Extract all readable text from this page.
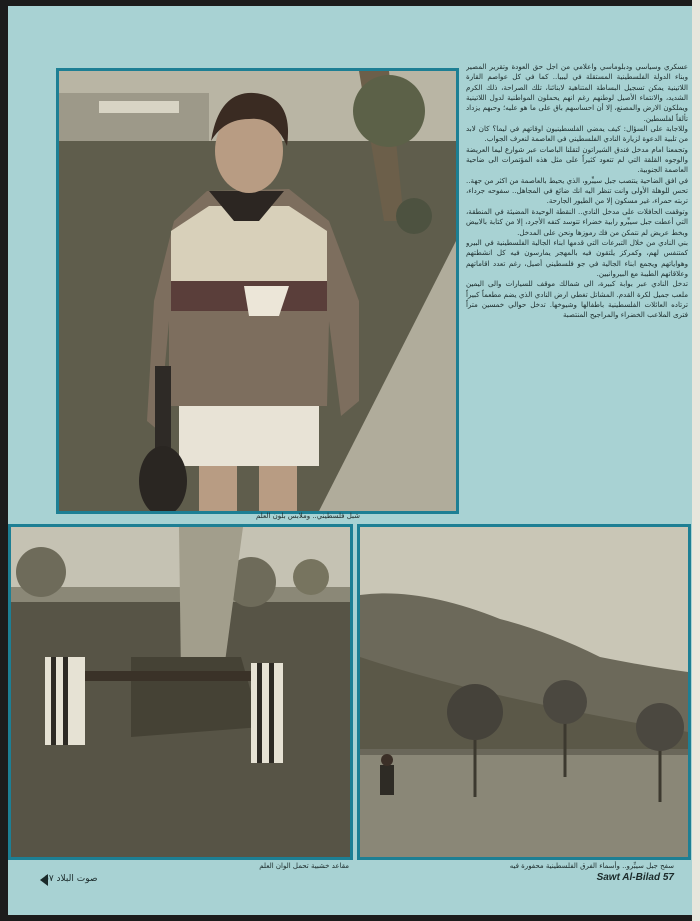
عسكري وسياسي ودبلوماسي واعلامي من اجل حق العودة وتقرير المصير وبناء الدولة الفلسطينية المستقلة في ليبيا.. كما في كل عواصم القارة اللاتينية يمكن تسجيل البساطة المتناهية لابنائنا، تلك الصراحة، ذلك الكرم الشديد، والانتماء الأصيل لوطنهم رغم انهم يحملون المواطنية لدول اللاتينية ويملكون الارض والمصنع، إلا أن احساسهم باق على ما هو عليه؛ وحبهم يزداد تألقاً لفلسطين.

وللاجابة على السؤال: كيف يمضي الفلسطينيون اوقاتهم في ليما؟ كان لابد من تلبية الدعوة لزيارة النادي الفلسطيني في العاصمة لنعرف الجواب.

وتجمعنا امام مدخل فندق الشيراتون لتقلنا الباصات عبر شوارع ليما العريضة والوجوه القلقة التي لم تتعود كثيراً على مثل هذه المؤتمرات الى ضاحية العاصمة الجنوبية.

في افق الضاحية ينتصب جبل سيبِّرو، الذي يحيط بالعاصمة من اكثر من جهة.. تحس للوهلة الأولى وانت تنظر اليه انك ضائع في المجاهل.. سفوحه جرداء، تربته حمراء، غير مسكون إلا من الطيور الجارحة.

وتوقفت الحافلات على مدخل النادي.. النقطة الوحيدة المضيئة في المنطقة، التي أعطت جبل سيبِّرو رابية خضراء تتوسد كتفه الأجرد، إلا من كتابة بالابيض وبخط عريض لم نتمكن من فك رموزها ونحن على المدخل.

بني النادي من خلال التبرعات التي قدمها ابناء الجالية الفلسطينية في البيرو كمتنفس لهم، وكمركز يلتقون فيه بالمهجر يمارسون فيه كل انشطتهم وهواياتهم ويجمع ابناء الجالية في جو فلسطيني أصيل، رغم تعدد اقاماتهم وعلاقاتهم الطيبة مع البيروانيين.

تدخل النادي عبر بوابة كبيرة، الى شمالك موقف للسيارات والى اليمين ملعب جميل لكرة القدم. المشاتل تغطي ارض النادي الذي يضم مطعماً كبيراً ترتاده العائلات الفلسطينية باطفالها وشيوخها. تدخل حوالي خمسين متراً فترى الملاعب الخضراء والمراجيح المنتصبة

شبل فلسطيني.. وملابس بلون العلم
مقاعد خشبية تحمل الوان العلم	سفح جبل سيبِّرو.. وأسماء الفرق الفلسطينية محفورة فيه
صوت البلاد ٥٧	Sawt Al-Bilad 57
